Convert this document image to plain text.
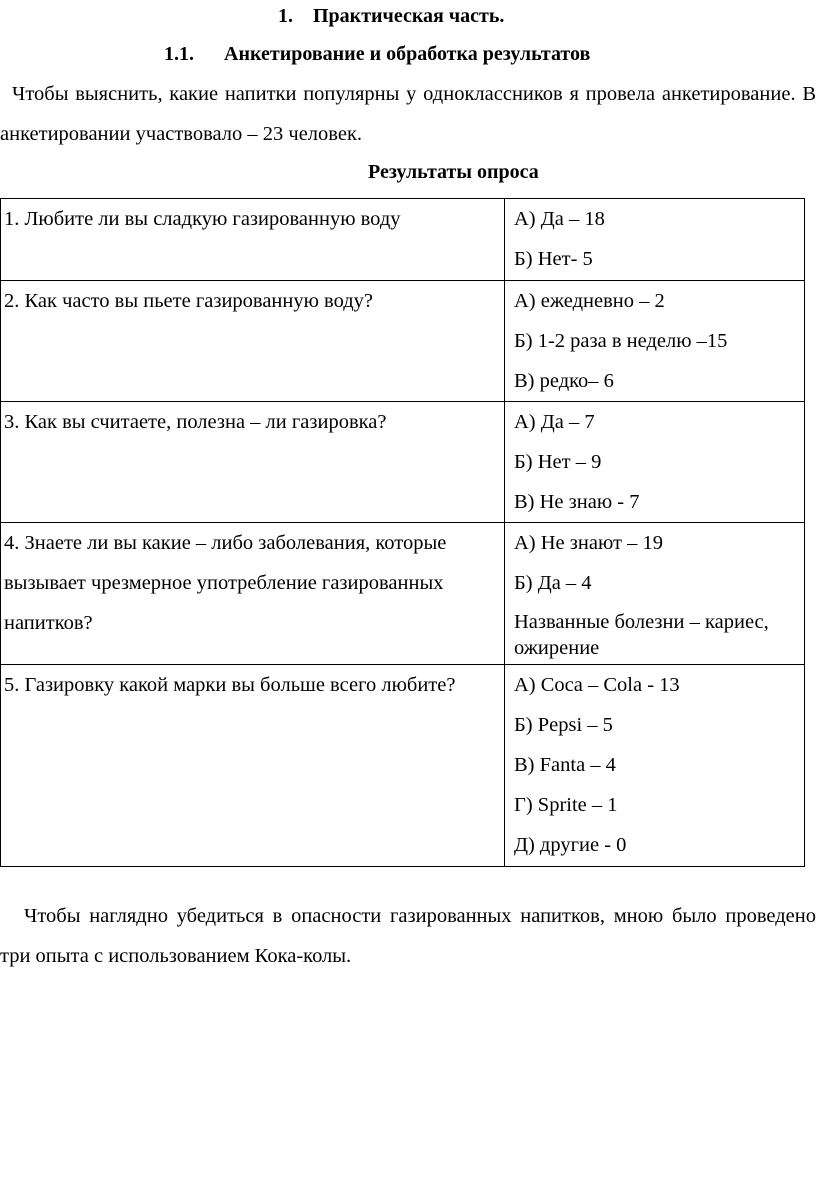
1. Практическая часть.
1.1. Анкетирование и обработка результатов
Чтобы выяснить, какие напитки популярны у одноклассников я провела анкетирование. В анкетировании участвовало – 23 человек.
Результаты опроса
1. Любите ли вы сладкую газированную воду	А) Да – 18
Б) Нет- 5

2. Как часто вы пьете газированную воду?	А) ежедневно – 2
Б) 1-2 раза в неделю –15
В) редко– 6

3. Как вы считаете, полезна – ли газировка?	А) Да – 7
Б) Нет – 9
В) Не знаю - 7

4. Знаете ли вы какие – либо заболевания, которые вызывает чрезмерное употребление газированных напитков?	А) Не знают – 19
Б) Да – 4
Названные болезни – кариес, ожирение

5. Газировку какой марки вы больше всего любите?	А) Coca – Cola - 13
Б) Pepsi – 5
В) Fanta – 4
Г) Sprite – 1
Д) другие - 0
Чтобы наглядно убедиться в опасности газированных напитков, мною было проведено три опыта с использованием Кока-колы.
